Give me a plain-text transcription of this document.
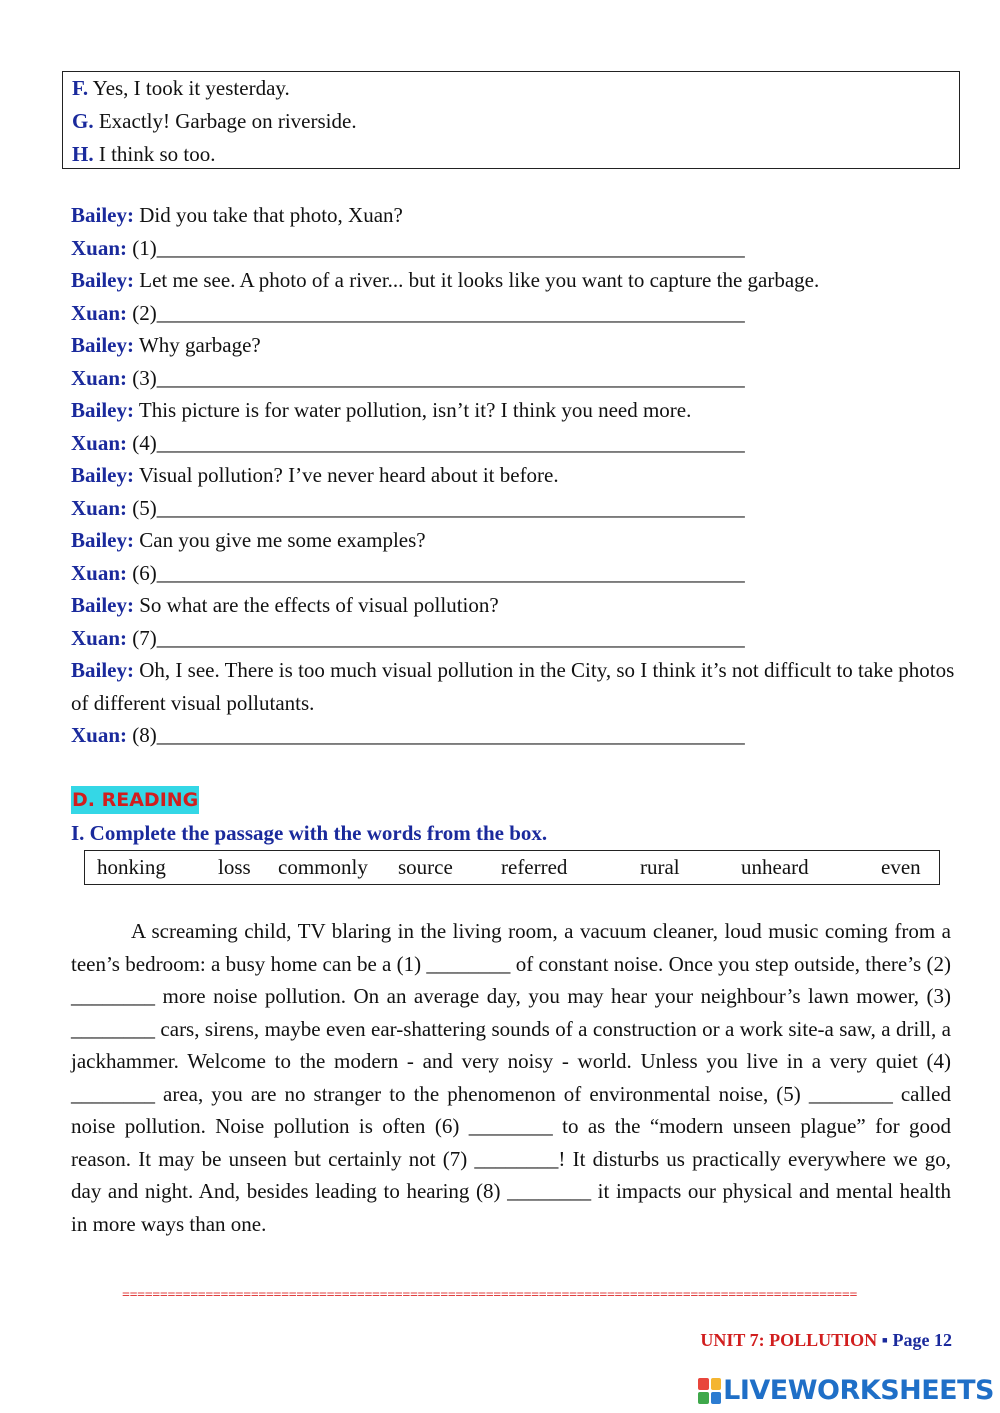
F. Yes, I took it yesterday.
G. Exactly! Garbage on riverside.
H. I think so too.
Bailey: Did you take that photo, Xuan?
Xuan: (1)________________________________________________________
Bailey: Let me see. A photo of a river... but it looks like you want to capture the garbage.
Xuan: (2)________________________________________________________
Bailey: Why garbage?
Xuan: (3)________________________________________________________
Bailey: This picture is for water pollution, isn’t it? I think you need more.
Xuan: (4)________________________________________________________
Bailey: Visual pollution? I’ve never heard about it before.
Xuan: (5)________________________________________________________
Bailey: Can you give me some examples?
Xuan: (6)________________________________________________________
Bailey: So what are the effects of visual pollution?
Xuan: (7)________________________________________________________
Bailey: Oh, I see. There is too much visual pollution in the City, so I think it’s not difficult to take photos of different visual pollutants.
Xuan: (8)________________________________________________________
D. READING
I. Complete the passage with the words from the box.
honking loss commonly source referred	rural	unheard	even

A screaming child, TV blaring in the living room, a vacuum cleaner, loud music coming from a teen’s bedroom: a busy home can be a (1) ________ of constant noise. Once you step outside, there’s (2) ________ more noise pollution. On an average day, you may hear your neighbour’s lawn mower, (3) ________ cars, sirens, maybe even ear-shattering sounds of a construction or a work site-a saw, a drill, a jackhammer. Welcome to the modern - and very noisy - world. Unless you live in a very quiet (4) ________ area, you are no stranger to the phenomenon of environmental noise, (5) ________ called noise pollution. Noise pollution is often (6) ________ to as the “modern unseen plague” for good reason. It may be unseen but certainly not (7) ________! It disturbs us practically everywhere we go, day and night. And, besides leading to hearing (8) ________ it impacts our physical and mental health in more ways than one.

=================================================================================================
UNIT 7: POLLUTION ▪ Page 12
LIVEWORKSHEETS
